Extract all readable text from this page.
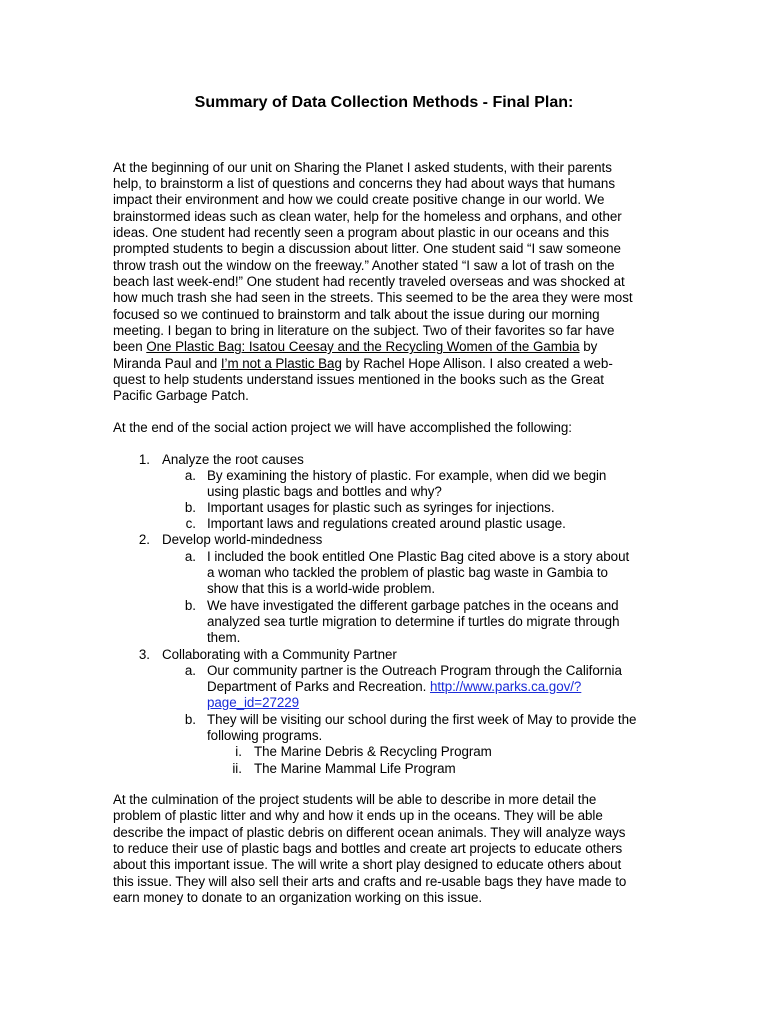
Summary of Data Collection Methods - Final Plan:
At the beginning of our unit on Sharing the Planet I asked students, with their parents
help, to brainstorm a list of questions and concerns they had about ways that humans
impact their environment and how we could create positive change in our world. We
brainstormed ideas such as clean water, help for the homeless and orphans, and other
ideas. One student had recently seen a program about plastic in our oceans and this
prompted students to begin a discussion about litter. One student said “I saw someone
throw trash out the window on the freeway.” Another stated “I saw a lot of trash on the
beach last week-end!” One student had recently traveled overseas and was shocked at
how much trash she had seen in the streets. This seemed to be the area they were most
focused so we continued to brainstorm and talk about the issue during our morning
meeting. I began to bring in literature on the subject. Two of their favorites so far have
been One Plastic Bag: Isatou Ceesay and the Recycling Women of the Gambia by
Miranda Paul and I’m not a Plastic Bag by Rachel Hope Allison. I also created a web-
quest to help students understand issues mentioned in the books such as the Great
Pacific Garbage Patch.
At the end of the social action project we will have accomplished the following:
1. Analyze the root causes
a. By examining the history of plastic. For example, when did we begin
using plastic bags and bottles and why?
b. Important usages for plastic such as syringes for injections.
c. Important laws and regulations created around plastic usage.
2. Develop world-mindedness
a. I included the book entitled One Plastic Bag cited above is a story about
a woman who tackled the problem of plastic bag waste in Gambia to
show that this is a world-wide problem.
b. We have investigated the different garbage patches in the oceans and
analyzed sea turtle migration to determine if turtles do migrate through
them.
3. Collaborating with a Community Partner
a. Our community partner is the Outreach Program through the California
Department of Parks and Recreation. http://www.parks.ca.gov/?
page_id=27229
b. They will be visiting our school during the first week of May to provide the
following programs.
i. The Marine Debris & Recycling Program
ii. The Marine Mammal Life Program
At the culmination of the project students will be able to describe in more detail the
problem of plastic litter and why and how it ends up in the oceans. They will be able
describe the impact of plastic debris on different ocean animals. They will analyze ways
to reduce their use of plastic bags and bottles and create art projects to educate others
about this important issue. The will write a short play designed to educate others about
this issue. They will also sell their arts and crafts and re-usable bags they have made to
earn money to donate to an organization working on this issue.
